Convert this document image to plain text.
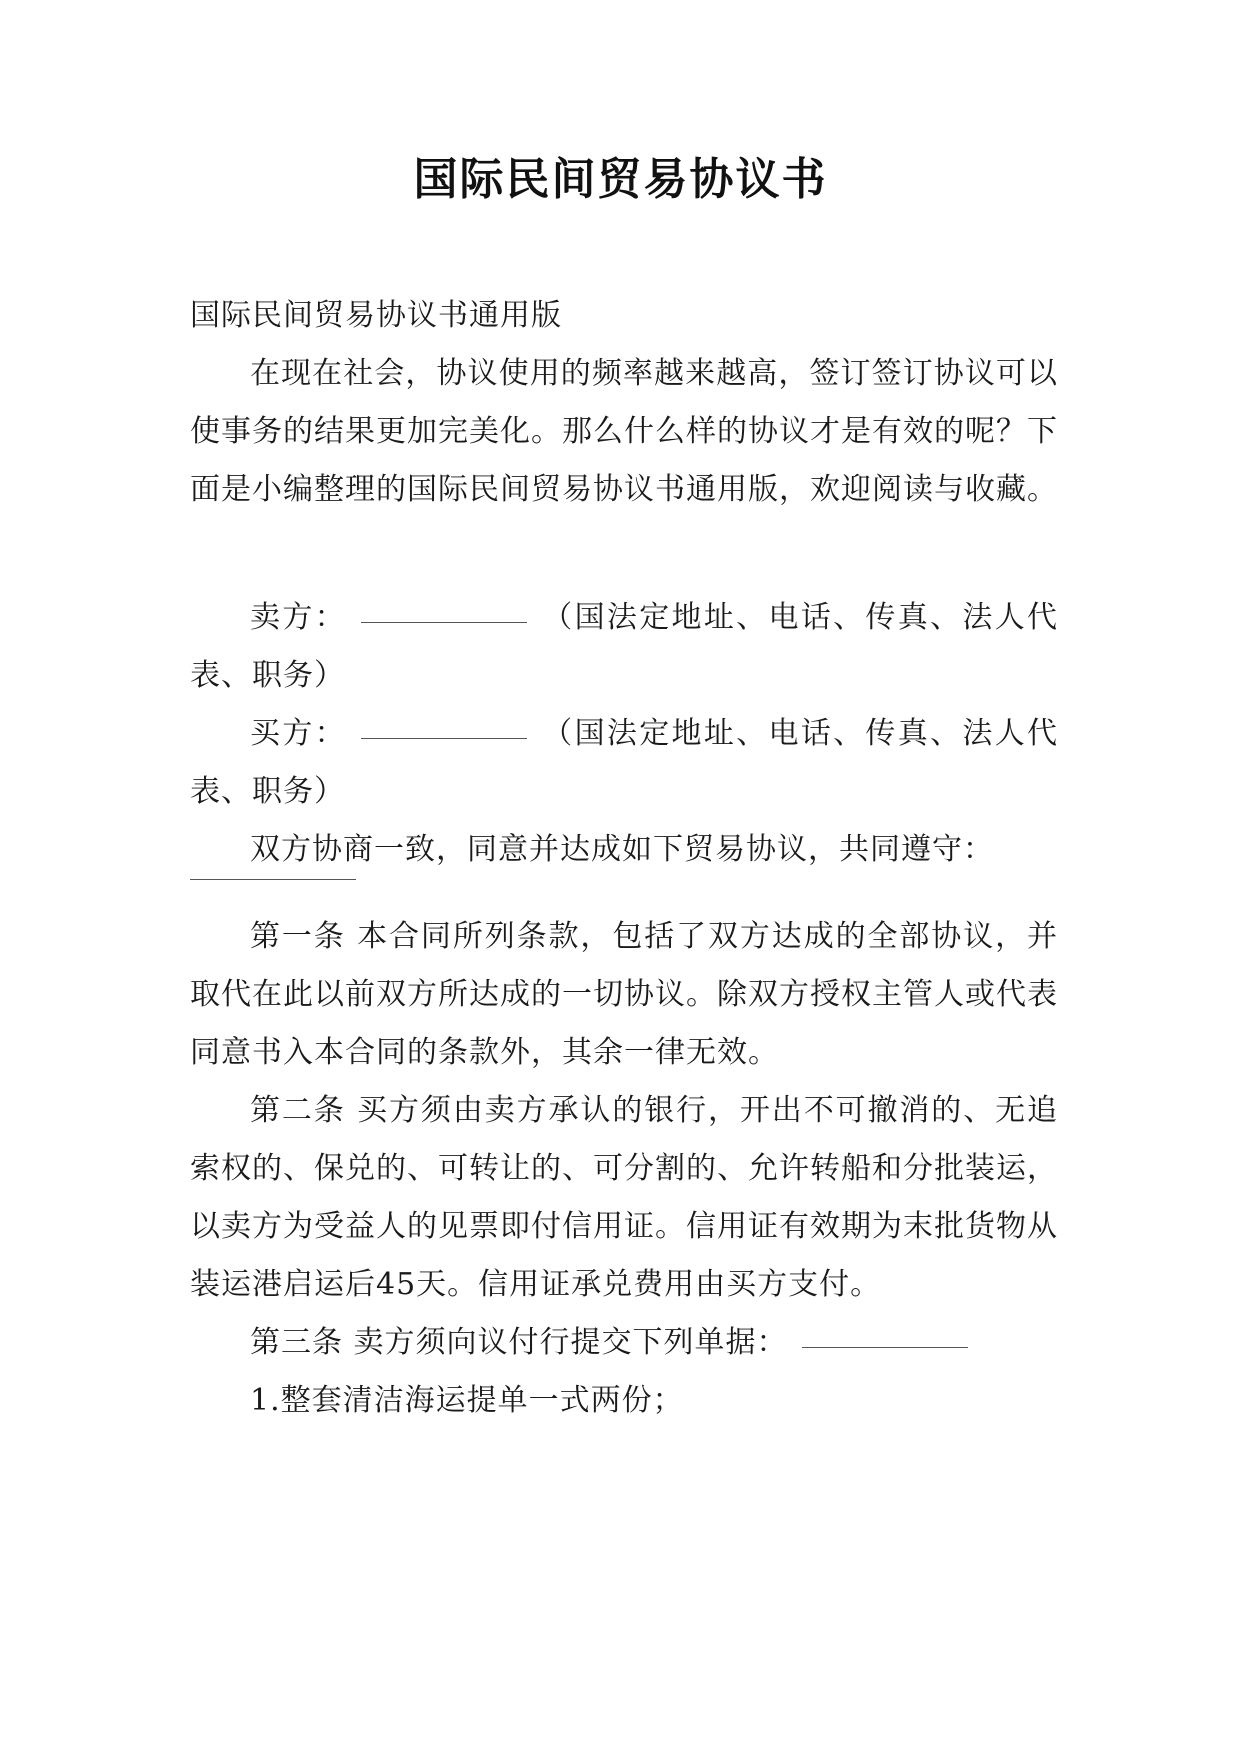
国际民间贸易协议书

国际民间贸易协议书通用版

在现在社会，协议使用的频率越来越高，签订签订协议可以使事务的结果更加完美化。那么什么样的协议才是有效的呢？下面是小编整理的国际民间贸易协议书通用版，欢迎阅读与收藏。

卖方：	（国法定地址、电话、传真、法人代表、职务）

买方：	（国法定地址、电话、传真、法人代表、职务）

双方协商一致，同意并达成如下贸易协议，共同遵守：

第一条 本合同所列条款，包括了双方达成的全部协议，并取代在此以前双方所达成的一切协议。除双方授权主管人或代表同意书入本合同的条款外，其余一律无效。

第二条 买方须由卖方承认的银行，开出不可撤消的、无追索权的、保兑的、可转让的、可分割的、允许转船和分批装运，以卖方为受益人的见票即付信用证。信用证有效期为末批货物从装运港启运后45天。信用证承兑费用由买方支付。

第三条 卖方须向议付行提交下列单据：

1.整套清洁海运提单一式两份；
